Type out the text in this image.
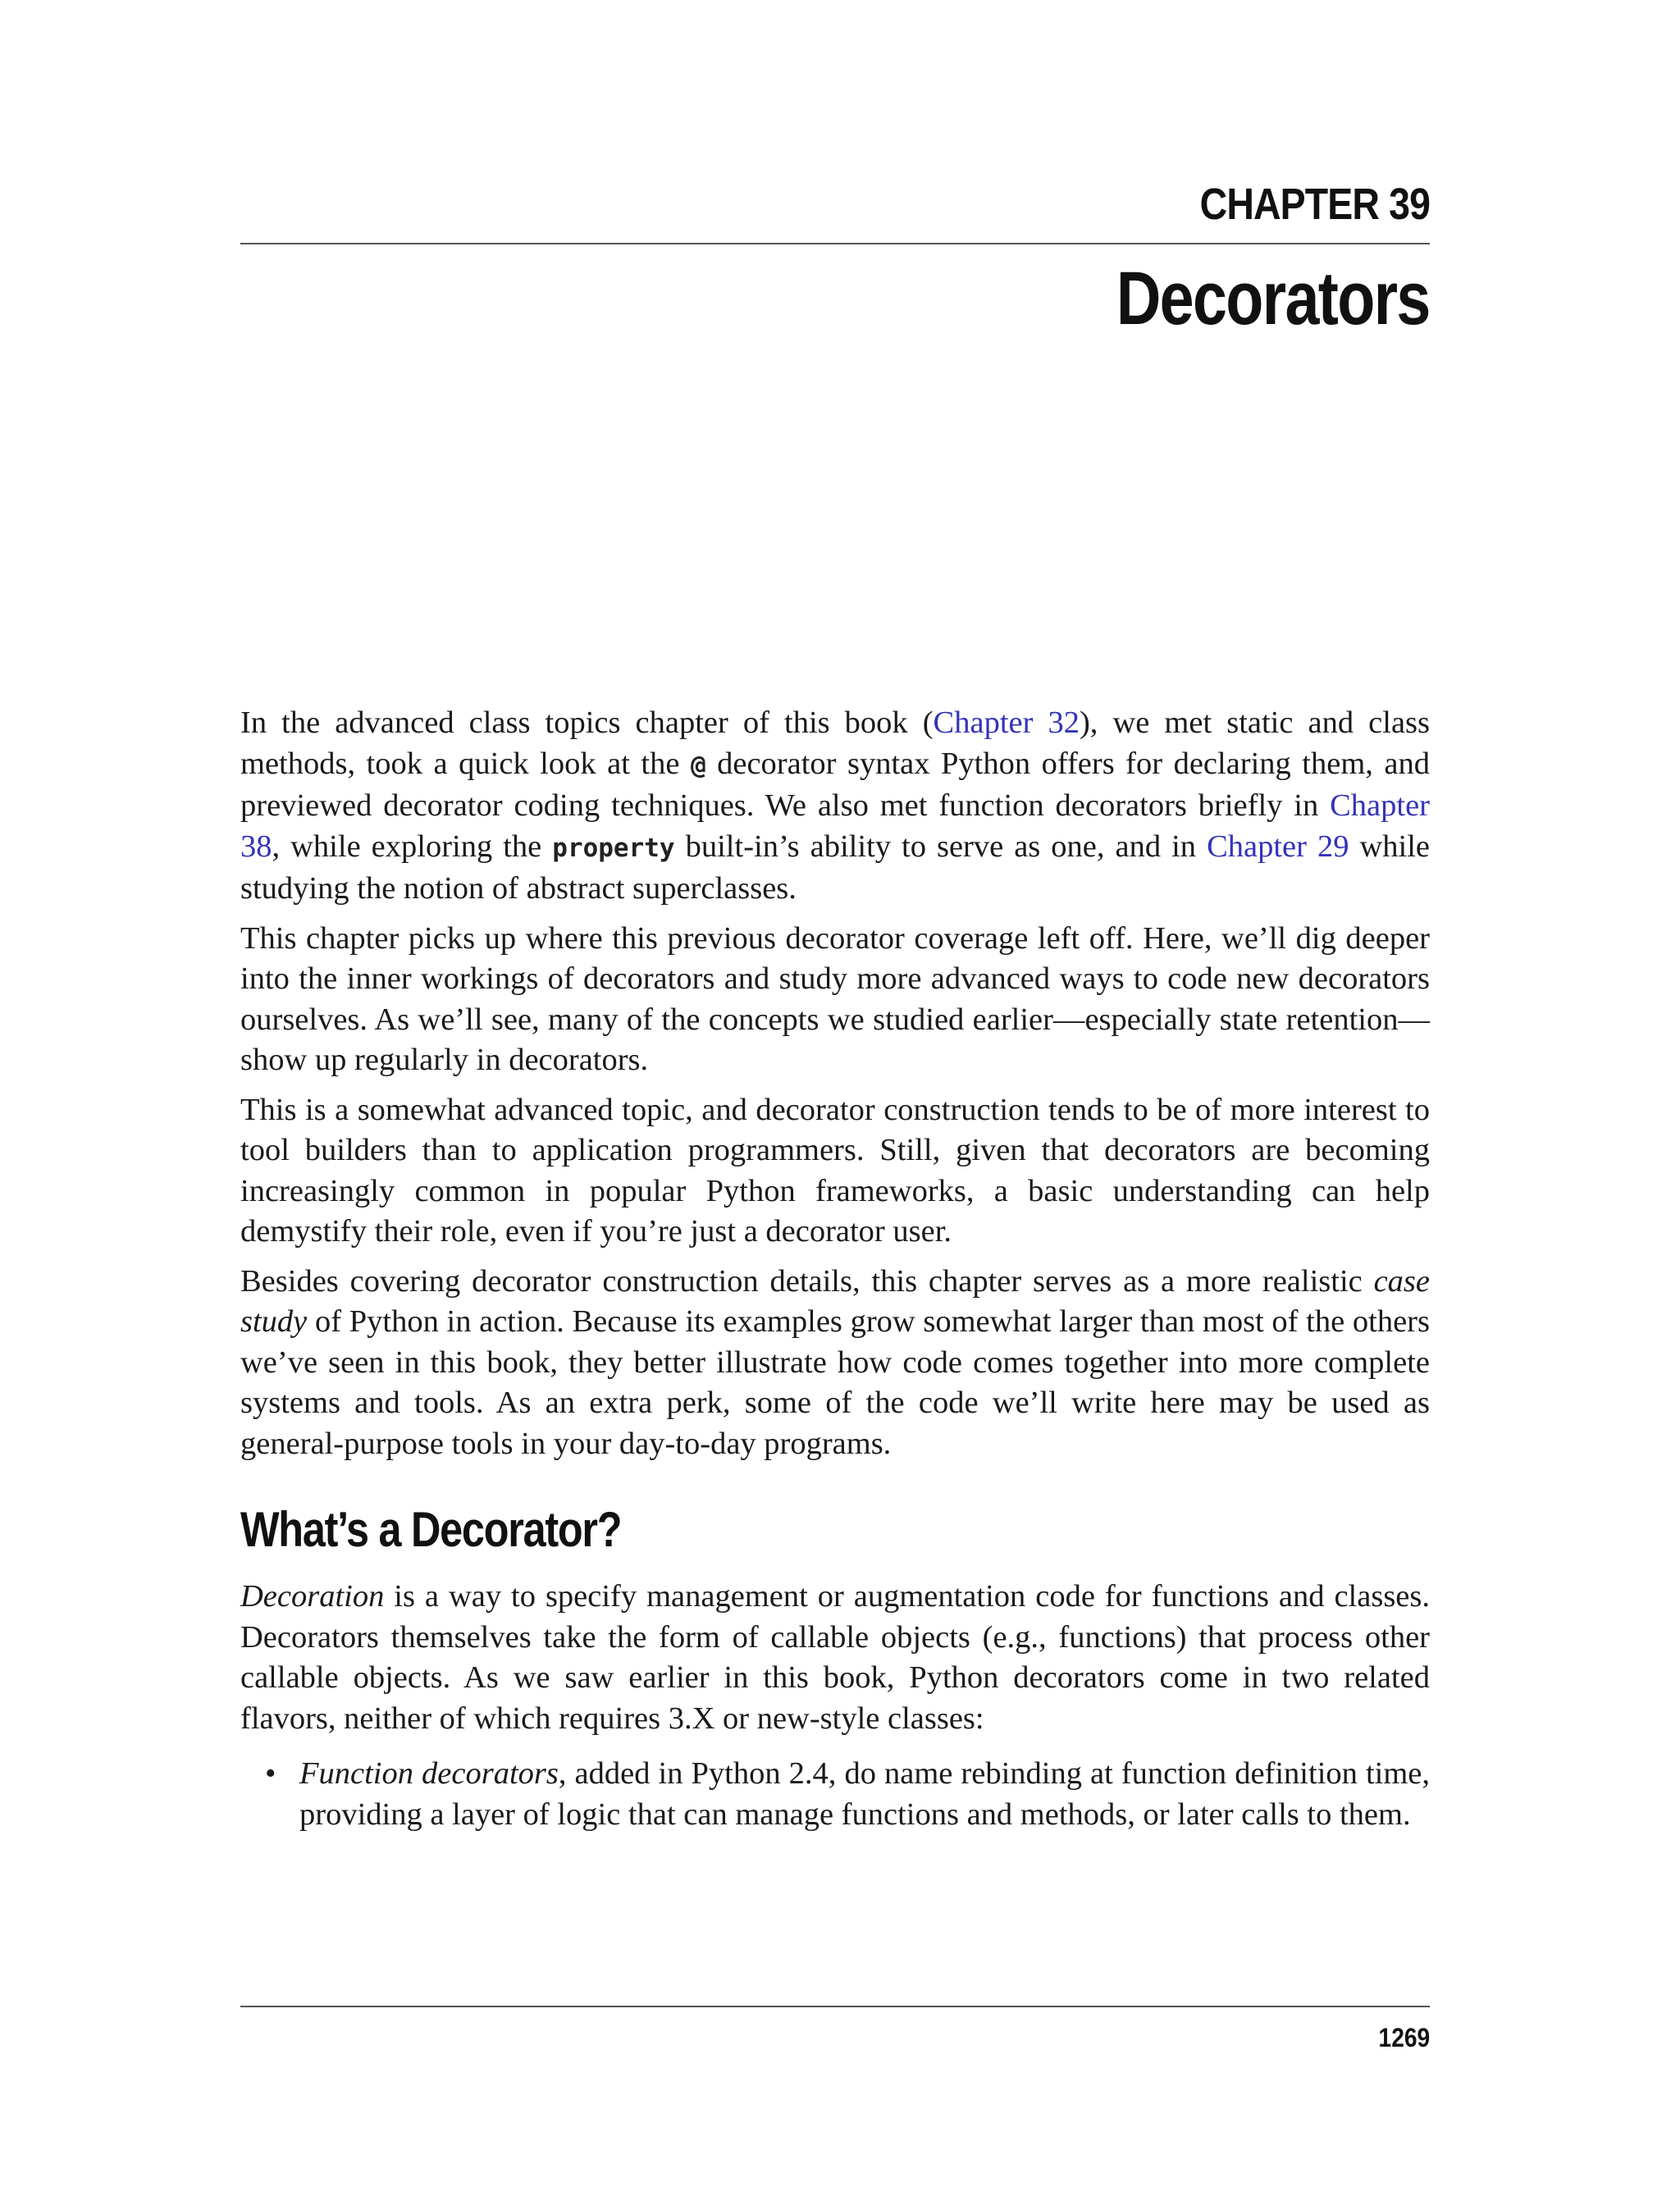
CHAPTER 39
Decorators

In the advanced class topics chapter of this book (Chapter 32), we met static and class methods, took a quick look at the @ decorator syntax Python offers for declaring them, and previewed decorator coding techniques. We also met function decorators briefly in Chapter 38, while exploring the property built-in’s ability to serve as one, and in Chapter 29 while studying the notion of abstract superclasses.

This chapter picks up where this previous decorator coverage left off. Here, we’ll dig deeper into the inner workings of decorators and study more advanced ways to code new decorators ourselves. As we’ll see, many of the concepts we studied earlier—especially state retention—show up regularly in decorators.

This is a somewhat advanced topic, and decorator construction tends to be of more interest to tool builders than to application programmers. Still, given that decorators are becoming increasingly common in popular Python frameworks, a basic understanding can help demystify their role, even if you’re just a decorator user.

Besides covering decorator construction details, this chapter serves as a more realistic case study of Python in action. Because its examples grow somewhat larger than most of the others we’ve seen in this book, they better illustrate how code comes together into more complete systems and tools. As an extra perk, some of the code we’ll write here may be used as general-purpose tools in your day-to-day programs.

What’s a Decorator?

Decoration is a way to specify management or augmentation code for functions and classes. Decorators themselves take the form of callable objects (e.g., functions) that process other callable objects. As we saw earlier in this book, Python decorators come in two related flavors, neither of which requires 3.X or new-style classes:

• Function decorators, added in Python 2.4, do name rebinding at function definition time, providing a layer of logic that can manage functions and methods, or later calls to them.
1269
